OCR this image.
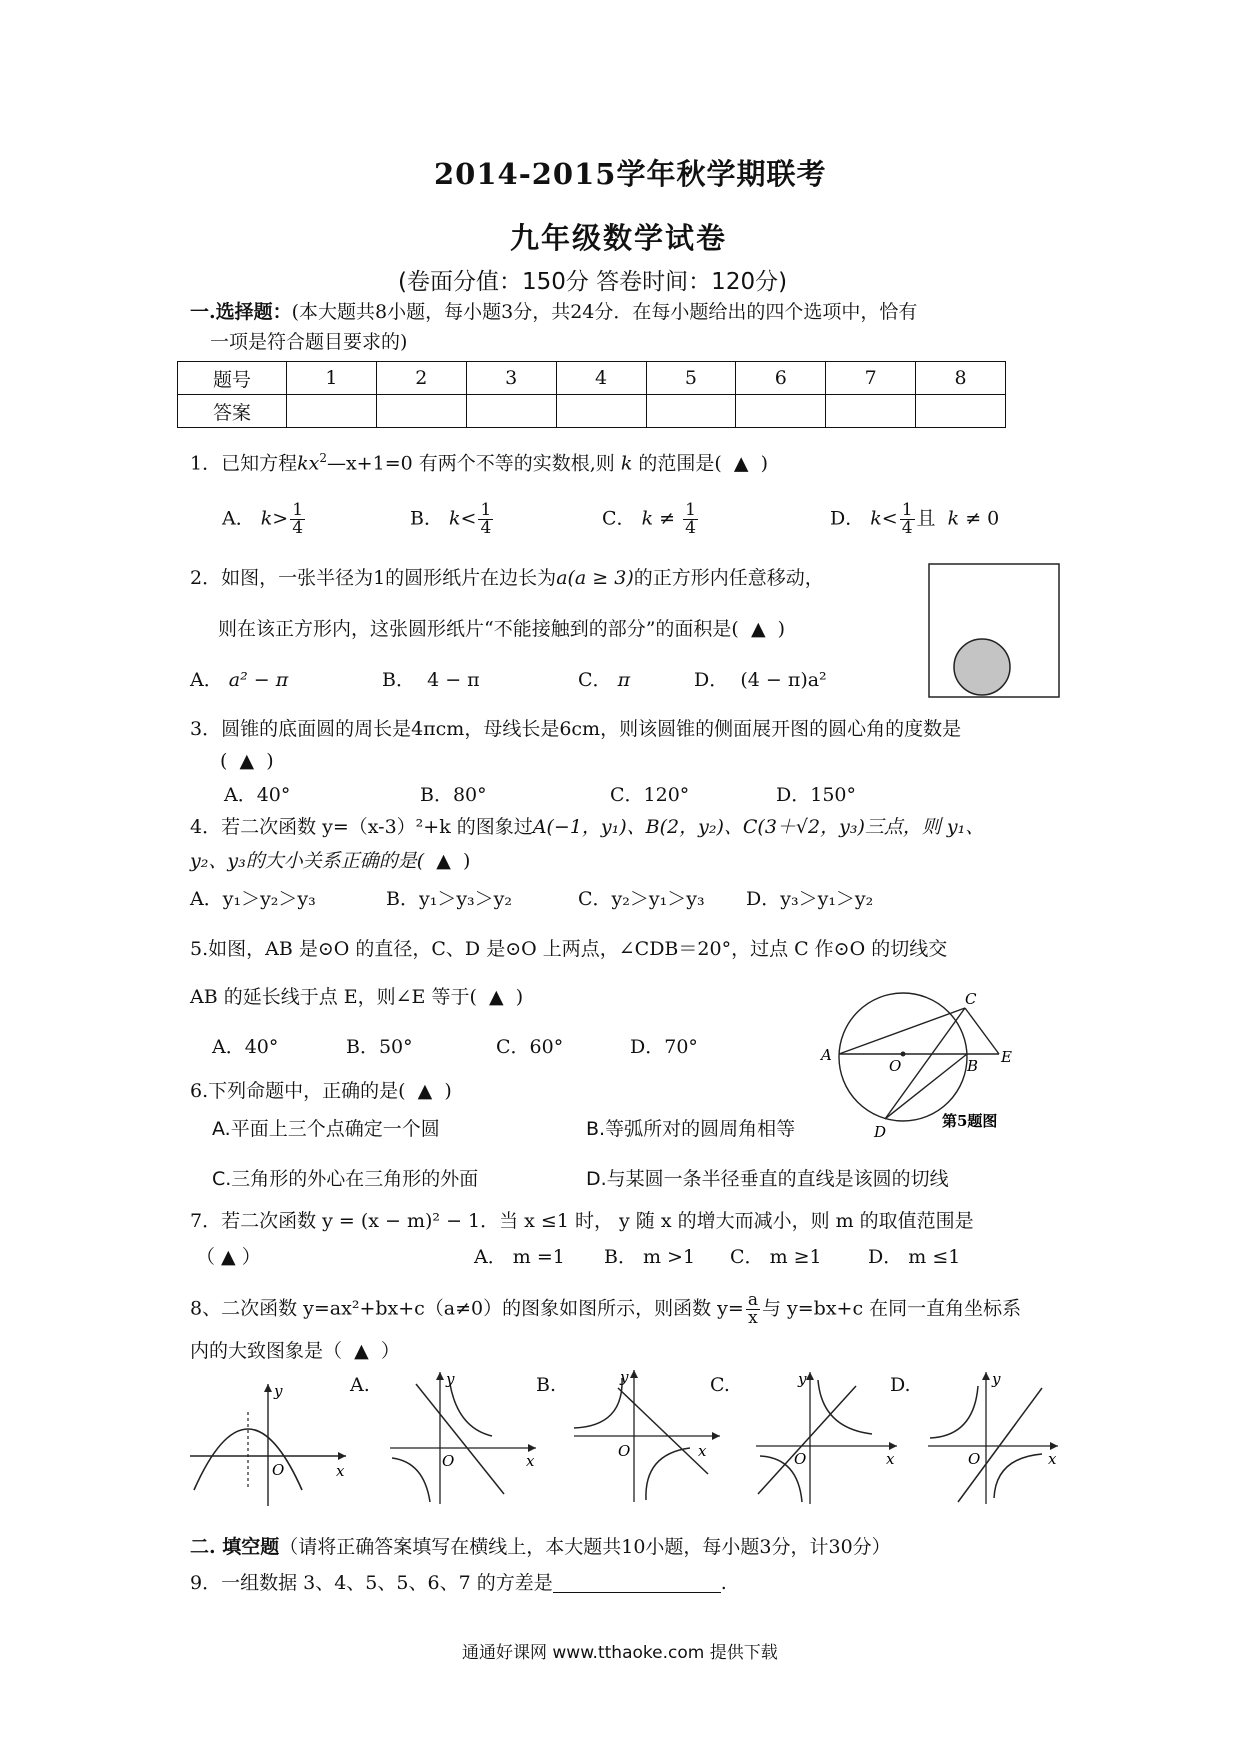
2014-2015学年秋学期联考
九年级数学试卷
(卷面分值：150分 答卷时间：120分)
一.选择题：(本大题共8小题，每小题3分，共24分．在每小题给出的四个选项中，恰有
一项是符合题目要求的)
题号	1	2	3	4	5	6	7	8
答案								
1．已知方程$kx^2—x+1=0$ 有两个不等的实数根,则 k 的范围是( ▲ )
A． $k> \frac{1}{4}$	B． $k< \frac{1}{4}$	C． $k \ne \frac{1}{4}$	D． $k< \frac{1}{4}$ 且 k ≠ 0
2．如图，一张半径为1的圆形纸片在边长为a(a ≥ 3)的正方形内任意移动，
则在该正方形内，这张圆形纸片“不能接触到的部分”的面积是( ▲ )
A． a² − π	B． 4 − π	C． π	D． (4 − π)a²
3．圆锥的底面圆的周长是4πcm，母线长是6cm，则该圆锥的侧面展开图的圆心角的度数是
( ▲ )
A．40°	B．80°	C．120°	D．150°
4．若二次函数 y=（x-3）²+k 的图象过A(−1，y₁)、B(2，y₂)、C(3＋√2，y₃)三点，则 y₁、
y₂、y₃的大小关系正确的是( ▲ )
A．y₁＞y₂＞y₃	B．y₁＞y₃＞y₂	C．y₂＞y₁＞y₃ D．y₃＞y₁＞y₂
5.如图，AB 是⊙O 的直径，C、D 是⊙O 上两点，∠CDB＝20°，过点 C 作⊙O 的切线交
AB 的延长线于点 E，则∠E 等于( ▲ )
A．40°	B．50°	C．60°	D．70°	A
O	B
C
E
D
第5题图
6.下列命题中，正确的是( ▲ )
A.平面上三个点确定一个圆	B.等弧所对的圆周角相等
C.三角形的外心在三角形的外面	D.与某圆一条半径垂直的直线是该圆的切线
7．若二次函数 y = (x − m)² − 1．当 x ≤1 时， y 随 x 的增大而减小，则 m 的取值范围是
（ ▲ ）	A． m =1 B． m >1 C． m ≥1 D． m ≤1
8、二次函数 y=ax²+bx+c（a≠0）的图象如图所示，则函数 $y= \frac{a}{x}$ 与 y=bx+c 在同一直角坐标系
内的大致图象是（ ▲ ）
x
y
O
A.	B.	C.	D.
x
y
O
x
y
O	x
y
O	x
y
O
二. 填空题（请将正确答案填写在横线上，本大题共10小题，每小题3分，计30分）
9．一组数据 3、4、5、5、6、7 的方差是	.
通通好课网 www.tthaoke.com 提供下载
